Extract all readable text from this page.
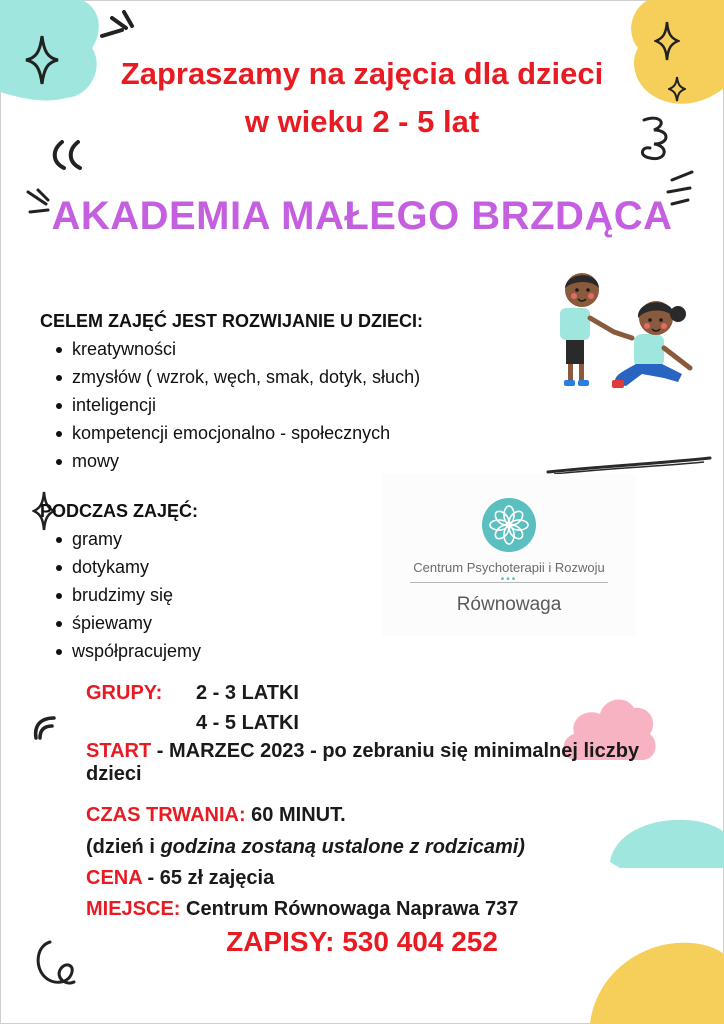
Zapraszamy na zajęcia dla dzieci
w wieku 2 - 5 lat
AKADEMIA MAŁEGO BRZDĄCA
CELEM ZAJĘĆ JEST ROZWIJANIE U DZIECI:
kreatywności
zmysłów ( wzrok, węch, smak, dotyk, słuch)
inteligencji
kompetencji emocjonalno - społecznych
mowy
PODCZAS ZAJĘĆ:
gramy
dotykamy
brudzimy się
śpiewamy
współpracujemy
Centrum Psychoterapii i Rozwoju
•••
Równowaga
GRUPY: 2 - 3 LATKI
4 - 5 LATKI
START - MARZEC 2023 - po zebraniu się minimalnej liczby dzieci
CZAS TRWANIA: 60 MINUT.
(dzień i godzina zostaną ustalone z rodzicami)
CENA - 65 zł zajęcia
MIEJSCE: Centrum Równowaga Naprawa 737
ZAPISY: 530 404 252
